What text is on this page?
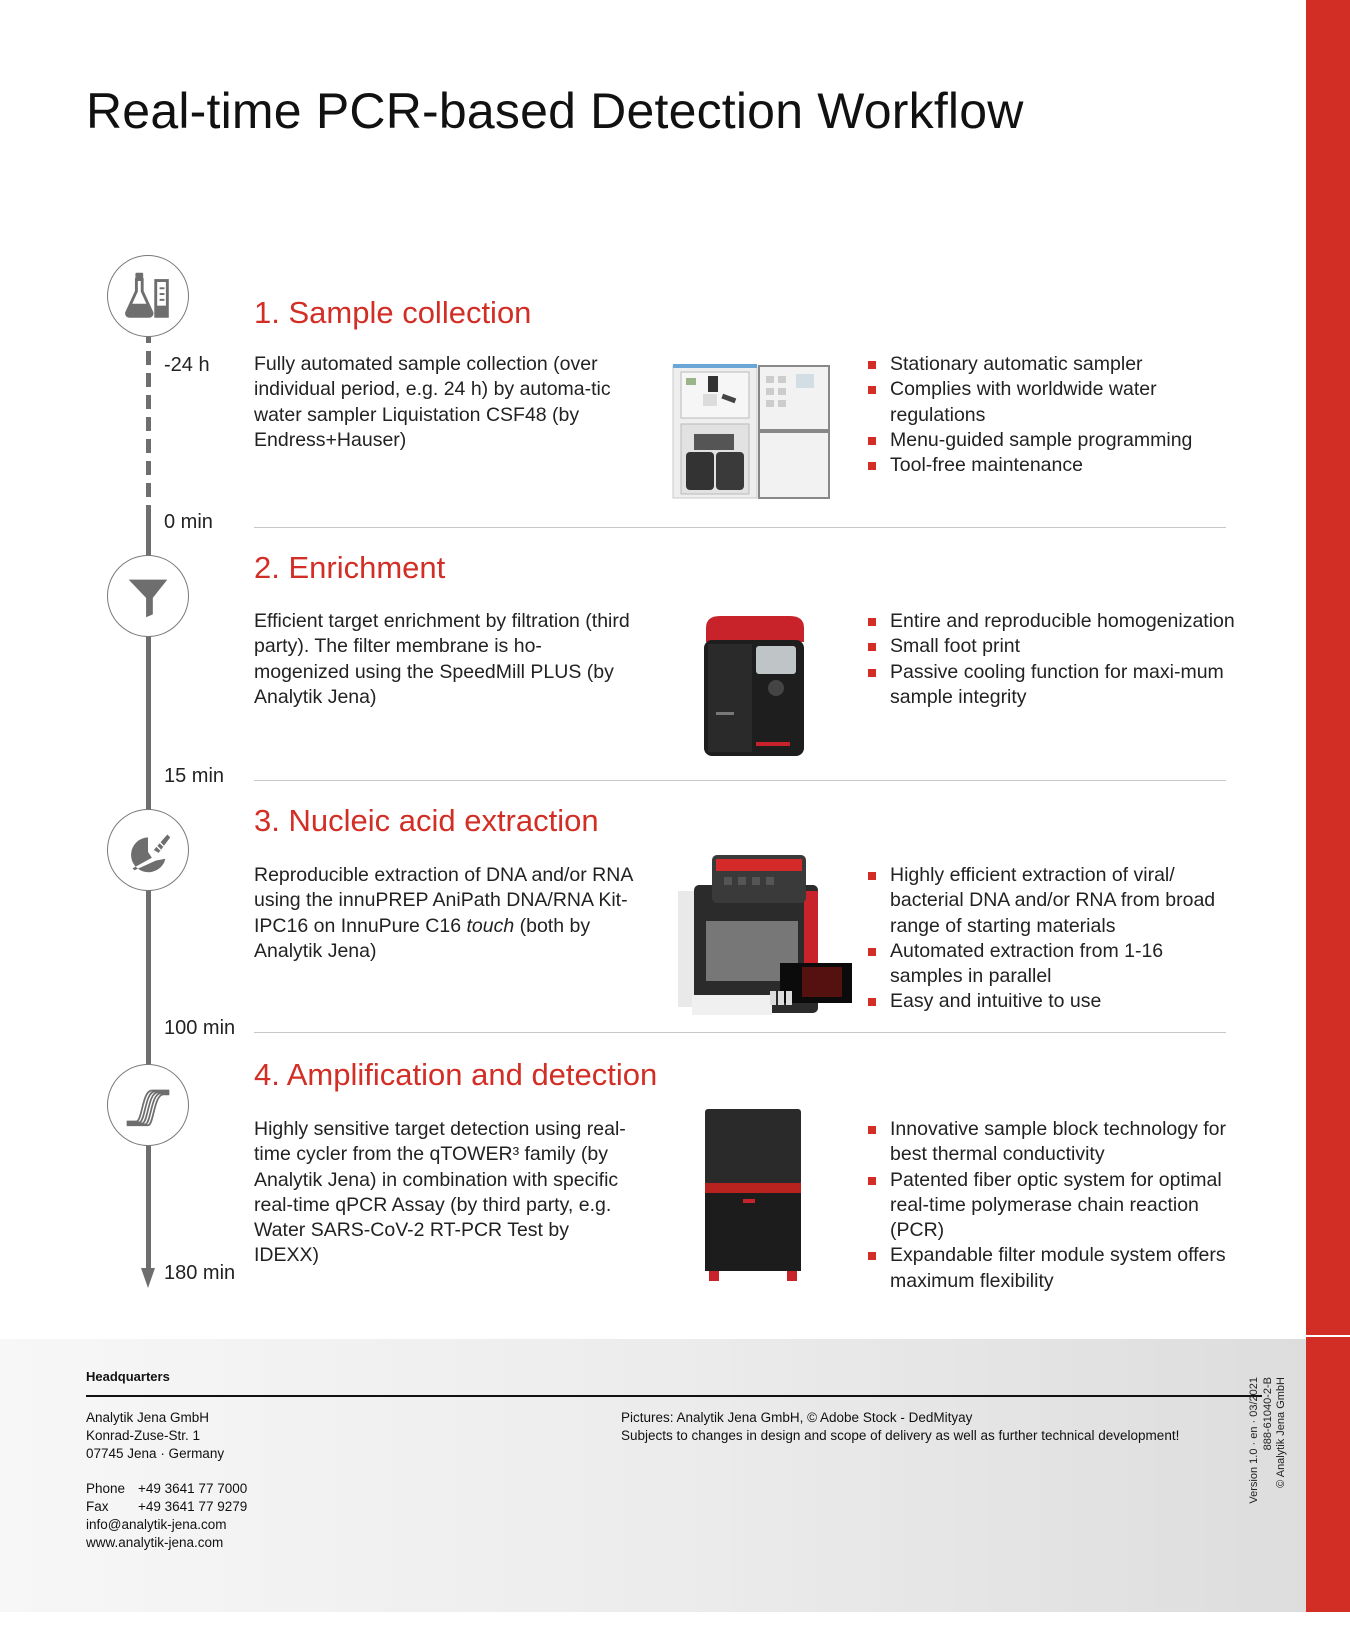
Real-time PCR-based Detection Workflow
-24 h
0 min
15 min
100 min
180 min
1. Sample collection

Fully automated sample collection (over individual period, e.g. 24 h) by automa-tic water sampler Liquistation CSF48 (by Endress+Hauser)

Stationary automatic sampler
Complies with worldwide water regulations
Menu-guided sample programming
Tool-free maintenance
2. Enrichment

Efficient target enrichment by filtration (third party). The filter membrane is ho-mogenized using the SpeedMill PLUS (by Analytik Jena)

Entire and reproducible homogenization
Small foot print
Passive cooling function for maxi-mum sample integrity
3. Nucleic acid extraction

Reproducible extraction of DNA and/or RNA using the innuPREP AniPath DNA/RNA Kit-IPC16 on InnuPure C16 touch (both by Analytik Jena)

Highly efficient extraction of viral/ bacterial DNA and/or RNA from broad range of starting materials
Automated extraction from 1-16 samples in parallel
Easy and intuitive to use
4. Amplification and detection

Highly sensitive target detection using real-time cycler from the qTOWER³ family (by Analytik Jena) in combination with specific real-time qPCR Assay (by third party, e.g. Water SARS-CoV-2 RT-PCR Test by IDEXX)

Innovative sample block technology for best thermal conductivity
Patented fiber optic system for optimal real-time polymerase chain reaction (PCR)
Expandable filter module system offers maximum flexibility
Headquarters
Analytik Jena GmbH
Konrad-Zuse-Str. 1
07745 Jena · Germany
Phone +49 3641 77 7000
Fax +49 3641 77 9279
info@analytik-jena.com
www.analytik-jena.com
Pictures: Analytik Jena GmbH, © Adobe Stock - DedMityay
Subjects to changes in design and scope of delivery as well as further technical development!	Version 1.0 · en · 03/2021 888-61040-2-B © Analytik Jena GmbH
